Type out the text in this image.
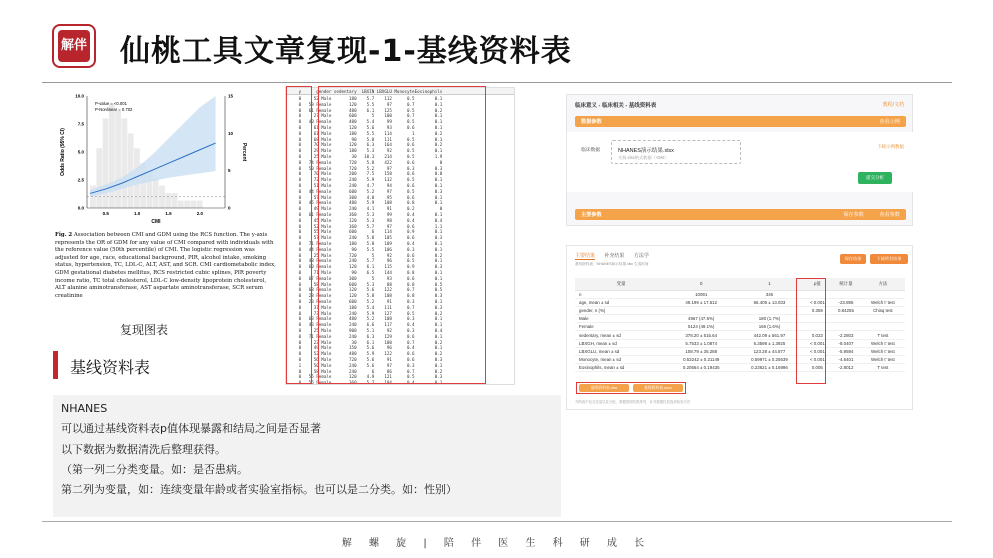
解伴 仙桃工具文章复现-1-基线资料表
0.5	1.0	1.5	2.0
0.0
2.5
5.0
7.5
10.0
0
5
10
15
CMI
Odds Ratio (95% CI)	Percent
P-value = <0.001
P-Nonlinear = 0.702
Fig. 2 Association between CMI and GDM using the RCS function. The y-axis represents the OR of GDM for any value of CMI compared with individuals with the reference value (50th percentile) of CMI. The logistic regression was adjusted for age, race, educational background, PIR, alcohol intake, smoking status, hypertension, TC, LDL-C, ALT, AST, and SCR. CMI cardiometabolic index, GDM gestational diabetes mellitus, RCS restricted cubic splines, PIR poverty income ratio, TC total cholesterol, LDL-C low-density lipoprotein cholesterol, ALT alanine aminotransferase, AST aspartate aminotransferase, SCR serum creatinine
复现图表
基线资料表
y      gender sedentary  LBXIN LBXGLU MonocyteEosinophils
0     52 Male       180    5.7    112      0.5        0.1
0   59 Female       120    5.5     97      0.7        0.1
0   61 Female       480    6.1    125      0.5        0.2
0     27 Male       600      5    100      0.7        0.1
0   40 Female       480    5.4     99      0.5        0.1
0     61 Male       120    5.6     93      0.6        0.1
0     61 Male       180    5.5    114        1        0.2
0     68 Male        90    5.8    111      0.5        0.1
0     70 Male       120    6.3    164      0.6        0.2
0     29 Male       180    5.3     92      0.5        0.1
0     25 Male        30   10.3    214      0.5        1.9
0   74 Female       720    5.8    422      0.6          0
0   50 Female       720    5.2     97      0.3        0.3
0     70 Male       200    7.5    158      0.6        0.8
0     72 Male       240    5.9    132      0.5        0.1
0     51 Male       240    4.7     94      0.6        0.1
0   44 Female       600    5.2     97      0.5        0.3
0     57 Male       300    4.8     95      0.6        0.1
0   45 Female       480    5.9    108      0.8        0.1
0     49 Male       240    4.1     91      0.2          0
0   61 Female       360    5.3     99      0.4        0.1
0     45 Male       120    5.3     98      0.4        0.4
0     52 Male       360    5.7     97      0.6        1.1
0     55 Male       600      6    114      0.9        0.1
0     57 Male       240    5.8    105      0.6        0.3
0   71 Female       180    5.8    109      0.4        0.1
0   44 Female        90    5.5    106      0.3        0.1
0     25 Male       720      5     92      0.6        0.2
0   48 Female       240    5.7     96      0.5        0.1
0   60 Female       120    6.1    115      0.9        0.3
0     71 Male        90    6.5    144      0.8        0.1
0   67 Female       300      5     93      0.6        0.1
0     58 Male       600    5.3     88      0.8        0.5
0   68 Female       120    5.6    122      0.7        0.5
0   28 Female       120    5.8    108      0.8        0.3
0   23 Female       600    5.2     91      0.3        0.1
0     37 Male       180    5.4    111      0.7        0.3
0     73 Male       240    5.9    127      0.5        0.2
0   63 Female       480    5.2    108      0.3        0.1
0   43 Female       240    6.6    117      0.4        0.1
0     25 Male       900    5.1     92      0.3        0.4
0   71 Female       240    6.3    129      0.6        0.1
0     23 Male        30    6.1    100      0.7        0.2
0     49 Male       150    5.6     96      0.4        0.1
0     52 Male       480    5.9    122      0.6        0.2
0     56 Male       720    5.6     91      0.6        0.3
1     50 Male       240    5.6     97      0.3        0.1
0     58 Male       240      6     86      0.7        0.2
0   55 Female       120    4.9    121      0.5        0.3
0   56 Female       360    5.7    104      0.4        0.1
临床意义 - 临床相关 - 基线资料表	教程/文档
数据参数	查看示例
临床数据	NHANES演示结果.xlsx
支持.xlsx格式数据（<5M）
下载示例数据
提交分析
主要参数	保存参数	查看参数
主要结果 补充结果 方法学
基线资料表：NHANES演示结果.xlsx 生成时间
保存结果	下载所有结果
变量	0	1	p值	统计量	方法
n	10091	346			
age, mean ± sd	49.199 ± 17.512	66.405 ± 13.033	< 0.001	-23.895	Welch t' test
gender, n (%)			0.359	0.84255	Chisq test
Male	4967 (47.6%)	180 (1.7%)			
Female	5124 (49.1%)	166 (1.6%)			
sedentary, mean ± sd	378.20 ± 516.64	442.09 ± 561.97	0.023	-2.2803	T test
LBXGH, mean ± sd	5.7533 ± 1.0874	6.3598 ± 1.3925	< 0.001	-8.0407	Welch t' test
LBXGLU, mean ± sd	108.79 ± 35.288	123.28 ± 44.877	< 0.001	-5.9594	Welch t' test
Monocyte, mean ± sd	0.53242 ± 0.21149	0.59971 ± 0.25639	< 0.001	-4.6401	Welch t' test
Eosinophils, mean ± sd	0.20664 ± 0.19435	0.23621 ± 0.16996	0.005	-2.8012	T test
基线资料表.xlsx	基线资料表.docx
共纳表中包含变量以及分组，数据按照结果排列，针对数据性质选择检验方法
NHANES
可以通过基线资料表p值体现暴露和结局之间是否显著
以下数据为数据清洗后整理获得。
（第一列二分类变量。如：是否患病。
第二列为变量，如：连续变量年龄或者实验室指标。也可以是二分类。如：性别）
解 螺 旋 | 陪 伴 医 生 科 研 成 长
